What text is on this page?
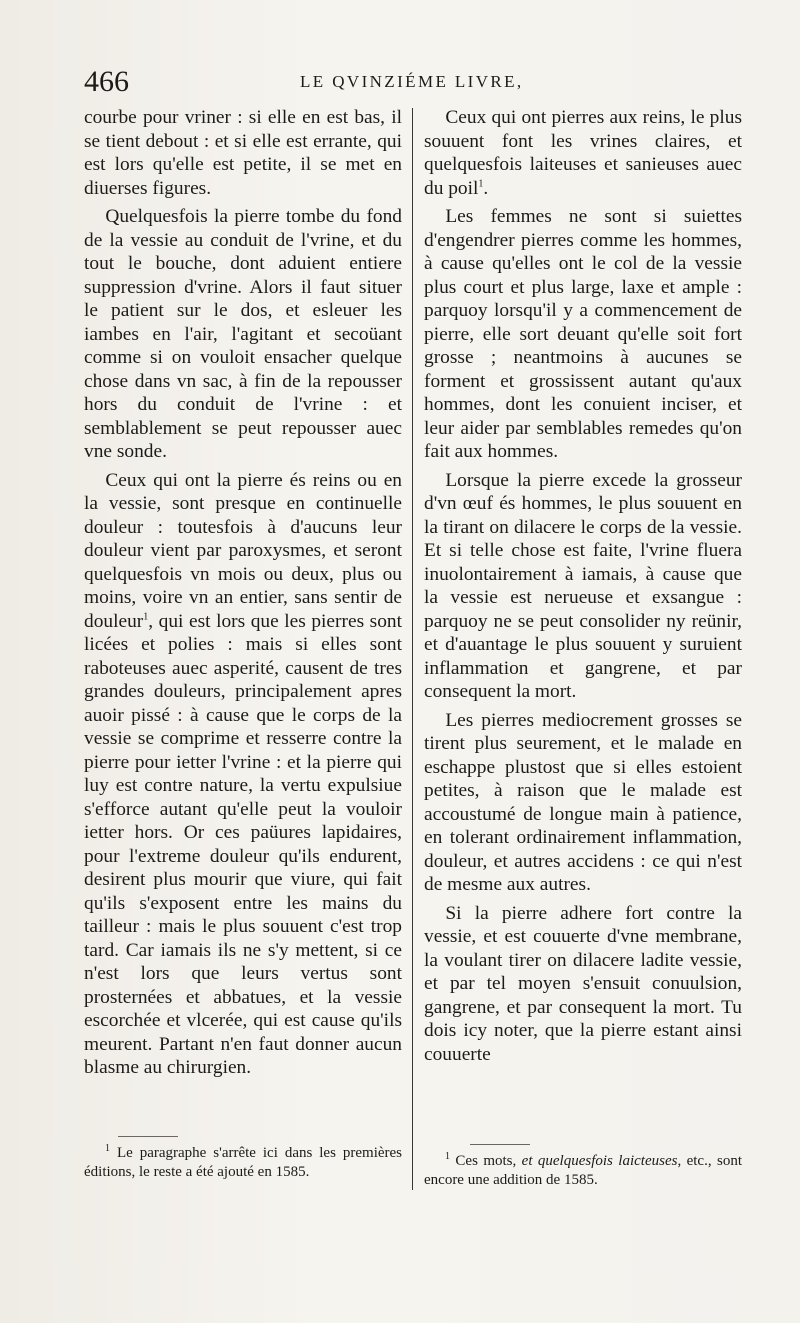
466	LE QVINZIÉME LIVRE,

courbe pour vriner : si elle en est bas, il se tient debout : et si elle est errante, qui est lors qu'elle est petite, il se met en diuerses figures.

Quelquesfois la pierre tombe du fond de la vessie au conduit de l'vrine, et du tout le bouche, dont aduient entiere suppression d'vrine. Alors il faut situer le patient sur le dos, et esleuer les iambes en l'air, l'agitant et secoüant comme si on vouloit ensacher quelque chose dans vn sac, à fin de la repousser hors du conduit de l'vrine : et semblablement se peut repousser auec vne sonde.

Ceux qui ont la pierre és reins ou en la vessie, sont presque en continuelle douleur : toutesfois à d'aucuns leur douleur vient par paroxysmes, et seront quelquesfois vn mois ou deux, plus ou moins, voire vn an entier, sans sentir de douleur$^1$, qui est lors que les pierres sont licées et polies : mais si elles sont raboteuses auec asperité, causent de tres grandes douleurs, principalement apres auoir pissé : à cause que le corps de la vessie se comprime et resserre contre la pierre pour ietter l'vrine : et la pierre qui luy est contre nature, la vertu expulsiue s'efforce autant qu'elle peut la vouloir ietter hors. Or ces paüures lapidaires, pour l'extreme douleur qu'ils endurent, desirent plus mourir que viure, qui fait qu'ils s'exposent entre les mains du tailleur : mais le plus souuent c'est trop tard. Car iamais ils ne s'y mettent, si ce n'est lors que leurs vertus sont prosternées et abbatues, et la vessie escorchée et vlcerée, qui est cause qu'ils meurent. Partant n'en faut donner aucun blasme au chirurgien.

Ceux qui ont pierres aux reins, le plus souuent font les vrines claires, et quelquesfois laiteuses et sanieuses auec du poil$^1$.

Les femmes ne sont si suiettes d'engendrer pierres comme les hommes, à cause qu'elles ont le col de la vessie plus court et plus large, laxe et ample : parquoy lorsqu'il y a commencement de pierre, elle sort deuant qu'elle soit fort grosse ; neantmoins à aucunes se forment et grossissent autant qu'aux hommes, dont les conuient inciser, et leur aider par semblables remedes qu'on fait aux hommes.

Lorsque la pierre excede la grosseur d'vn œuf és hommes, le plus souuent en la tirant on dilacere le corps de la vessie. Et si telle chose est faite, l'vrine fluera inuolontairement à iamais, à cause que la vessie est nerueuse et exsangue : parquoy ne se peut consolider ny reünir, et d'auantage le plus souuent y suruient inflammation et gangrene, et par consequent la mort.

Les pierres mediocrement grosses se tirent plus seurement, et le malade en eschappe plustost que si elles estoient petites, à raison que le malade est accoustumé de longue main à patience, en tolerant ordinairement inflammation, douleur, et autres accidens : ce qui n'est de mesme aux autres.

Si la pierre adhere fort contre la vessie, et est couuerte d'vne membrane, la voulant tirer on dilacere ladite vessie, et par tel moyen s'ensuit conuulsion, gangrene, et par consequent la mort. Tu dois icy noter, que la pierre estant ainsi couuerte

$^1$ Le paragraphe s'arrête ici dans les premières éditions, le reste a été ajouté en 1585.

$^1$ Ces mots, et quelquesfois laicteuses, etc., sont encore une addition de 1585.
